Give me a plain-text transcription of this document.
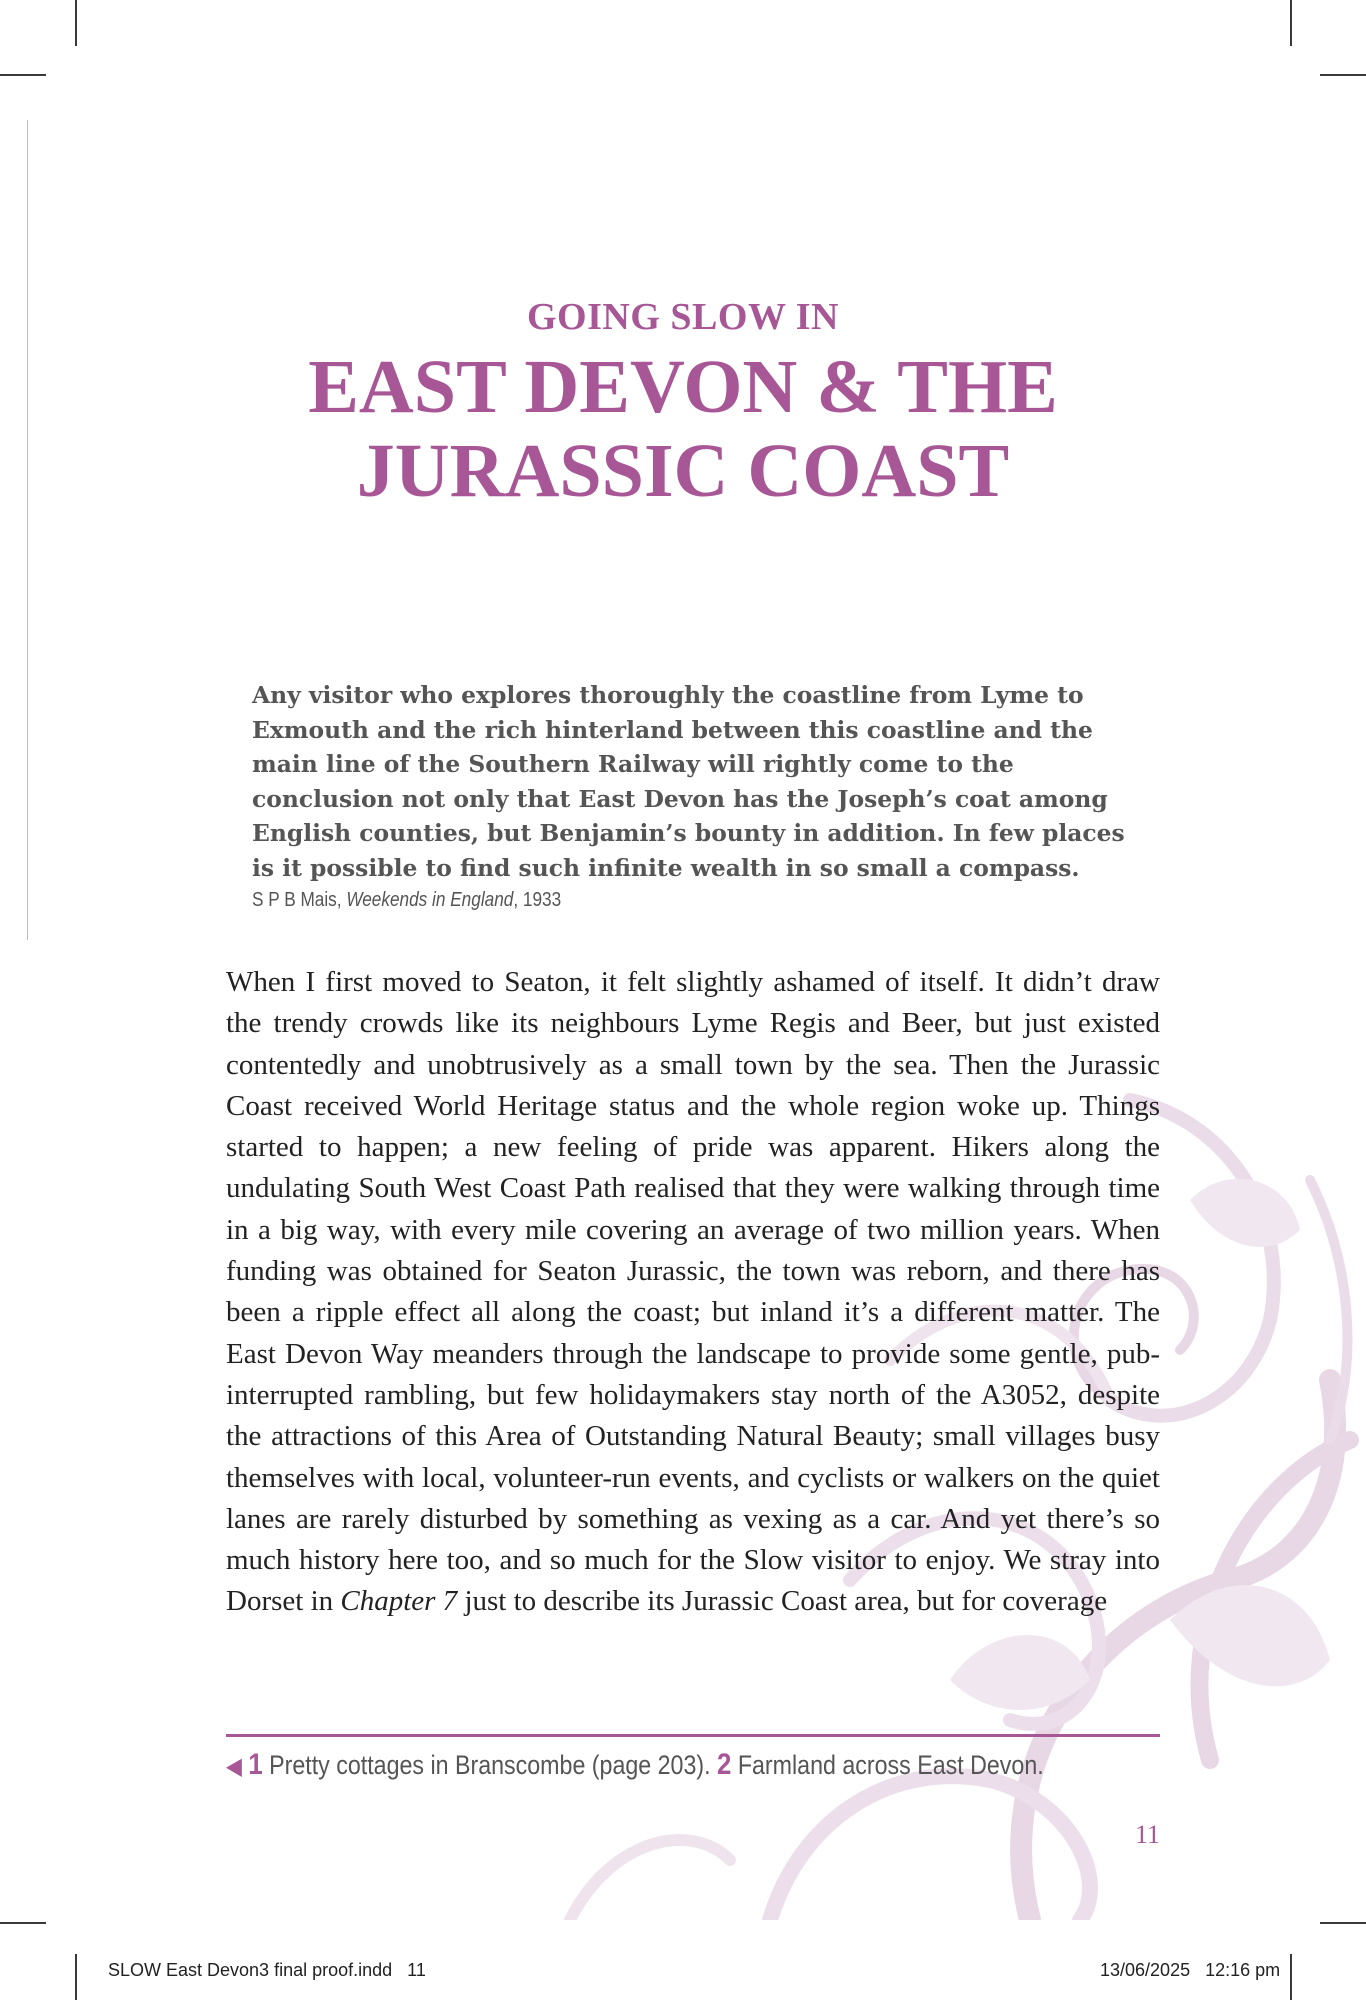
GOING SLOW IN
EAST DEVON & THE
JURASSIC COAST

Any visitor who explores thoroughly the coastline from Lyme to Exmouth and the rich hinterland between this coastline and the main line of the Southern Railway will rightly come to the conclusion not only that East Devon has the Joseph’s coat among English counties, but Benjamin’s bounty in addition. In few places is it possible to find such infinite wealth in so small a compass.

S P B Mais, Weekends in England, 1933

When I first moved to Seaton, it felt slightly ashamed of itself. It didn’t draw the trendy crowds like its neighbours Lyme Regis and Beer, but just existed contentedly and unobtrusively as a small town by the sea. Then the Jurassic Coast received World Heritage status and the whole region woke up. Things started to happen; a new feeling of pride was apparent. Hikers along the undulating South West Coast Path realised that they were walking through time in a big way, with every mile covering an average of two million years. When funding was obtained for Seaton Jurassic, the town was reborn, and there has been a ripple effect all along the coast; but inland it’s a different matter. The East Devon Way meanders through the landscape to provide some gentle, pub-interrupted rambling, but few holidaymakers stay north of the A3052, despite the attractions of this Area of Outstanding Natural Beauty; small villages busy themselves with local, volunteer-run events, and cyclists or walkers on the quiet lanes are rarely disturbed by something as vexing as a car. And yet there’s so much history here too, and so much for the Slow visitor to enjoy. We stray into Dorset in Chapter 7 just to describe its Jurassic Coast area, but for coverage

◀ 1 Pretty cottages in Branscombe (page 203). 2 Farmland across East Devon.
11
SLOW East Devon3 final proof.indd   11	13/06/2025   12:16 pm
